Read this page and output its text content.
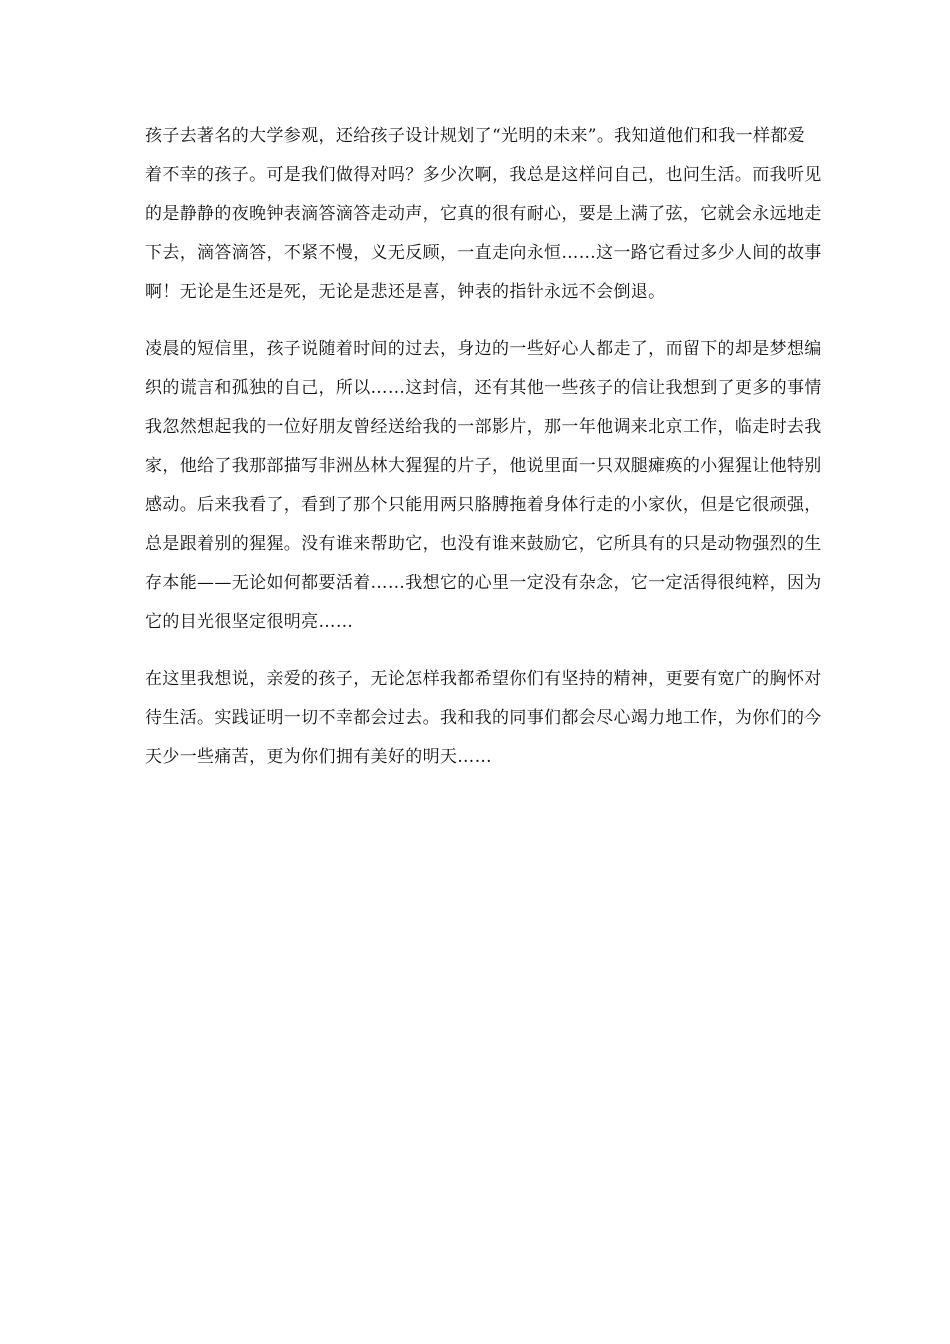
孩子去著名的大学参观，还给孩子设计规划了“光明的未来”。我知道他们和我一样都爱
着不幸的孩子。可是我们做得对吗？多少次啊，我总是这样问自己，也问生活。而我听见
的是静静的夜晚钟表滴答滴答走动声，它真的很有耐心，要是上满了弦，它就会永远地走
下去，滴答滴答，不紧不慢，义无反顾，一直走向永恒……这一路它看过多少人间的故事
啊！无论是生还是死，无论是悲还是喜，钟表的指针永远不会倒退。
凌晨的短信里，孩子说随着时间的过去，身边的一些好心人都走了，而留下的却是梦想编
织的谎言和孤独的自己，所以……这封信，还有其他一些孩子的信让我想到了更多的事情
我忽然想起我的一位好朋友曾经送给我的一部影片，那一年他调来北京工作，临走时去我
家，他给了我那部描写非洲丛林大猩猩的片子，他说里面一只双腿瘫痪的小猩猩让他特别
感动。后来我看了，看到了那个只能用两只胳膊拖着身体行走的小家伙，但是它很顽强，
总是跟着别的猩猩。没有谁来帮助它，也没有谁来鼓励它，它所具有的只是动物强烈的生
存本能——无论如何都要活着……我想它的心里一定没有杂念，它一定活得很纯粹，因为
它的目光很坚定很明亮……
在这里我想说，亲爱的孩子，无论怎样我都希望你们有坚持的精神，更要有宽广的胸怀对
待生活。实践证明一切不幸都会过去。我和我的同事们都会尽心竭力地工作，为你们的今
天少一些痛苦，更为你们拥有美好的明天……
